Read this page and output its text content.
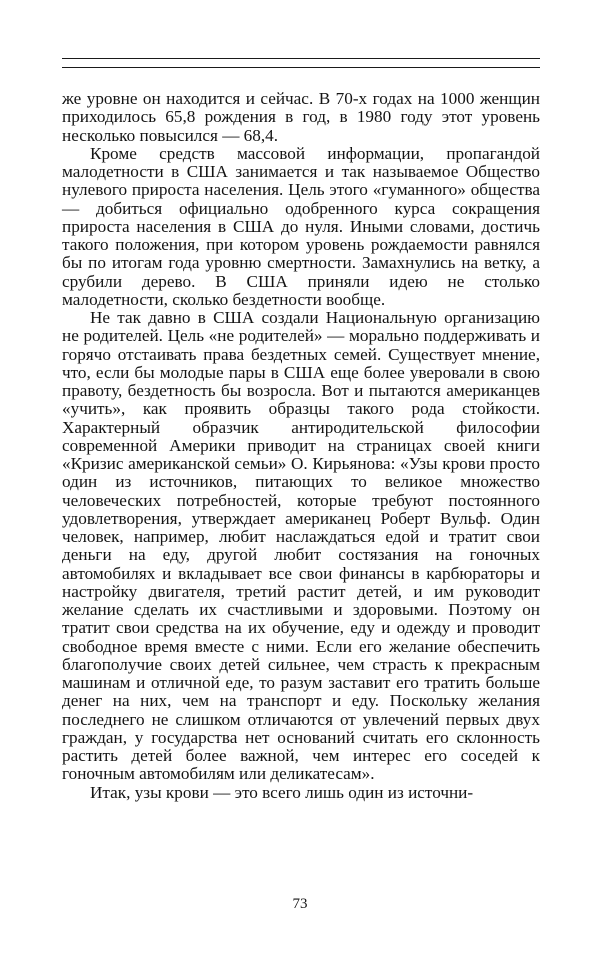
же уровне он находится и сейчас. В 70-х годах на 1000 женщин приходилось 65,8 рождения в год, в 1980 году этот уровень несколько повысился — 68,4.

Кроме средств массовой информации, пропагандой малодетности в США занимается и так называемое Общество нулевого прироста населения. Цель этого «гуманного» общества — добиться официально одобренного курса сокращения прироста населения в США до нуля. Иными словами, достичь такого положения, при котором уровень рождаемости равнялся бы по итогам года уровню смертности. Замахнулись на ветку, а срубили дерево. В США приняли идею не столько малодетности, сколько бездетности вообще.

Не так давно в США создали Национальную организацию не родителей. Цель «не родителей» — морально поддерживать и горячо отстаивать права бездетных семей. Существует мнение, что, если бы молодые пары в США еще более уверовали в свою правоту, бездетность бы возросла. Вот и пытаются американцев «учить», как проявить образцы такого рода стойкости. Характерный образчик антиродительской философии современной Америки приводит на страницах своей книги «Кризис американской семьи» О. Кирьянова: «Узы крови просто один из источников, питающих то великое множество человеческих потребностей, которые требуют постоянного удовлетворения, утверждает американец Роберт Вульф. Один человек, например, любит наслаждаться едой и тратит свои деньги на еду, другой любит состязания на гоночных автомобилях и вкладывает все свои финансы в карбюраторы и настройку двигателя, третий растит детей, и им руководит желание сделать их счастливыми и здоровыми. Поэтому он тратит свои средства на их обучение, еду и одежду и проводит свободное время вместе с ними. Если его желание обеспечить благополучие своих детей сильнее, чем страсть к прекрасным машинам и отличной еде, то разум заставит его тратить больше денег на них, чем на транспорт и еду. Поскольку желания последнего не слишком отличаются от увлечений первых двух граждан, у государства нет оснований считать его склонность растить детей более важной, чем интерес его соседей к гоночным автомобилям или деликатесам».

Итак, узы крови — это всего лишь один из источни-

73
